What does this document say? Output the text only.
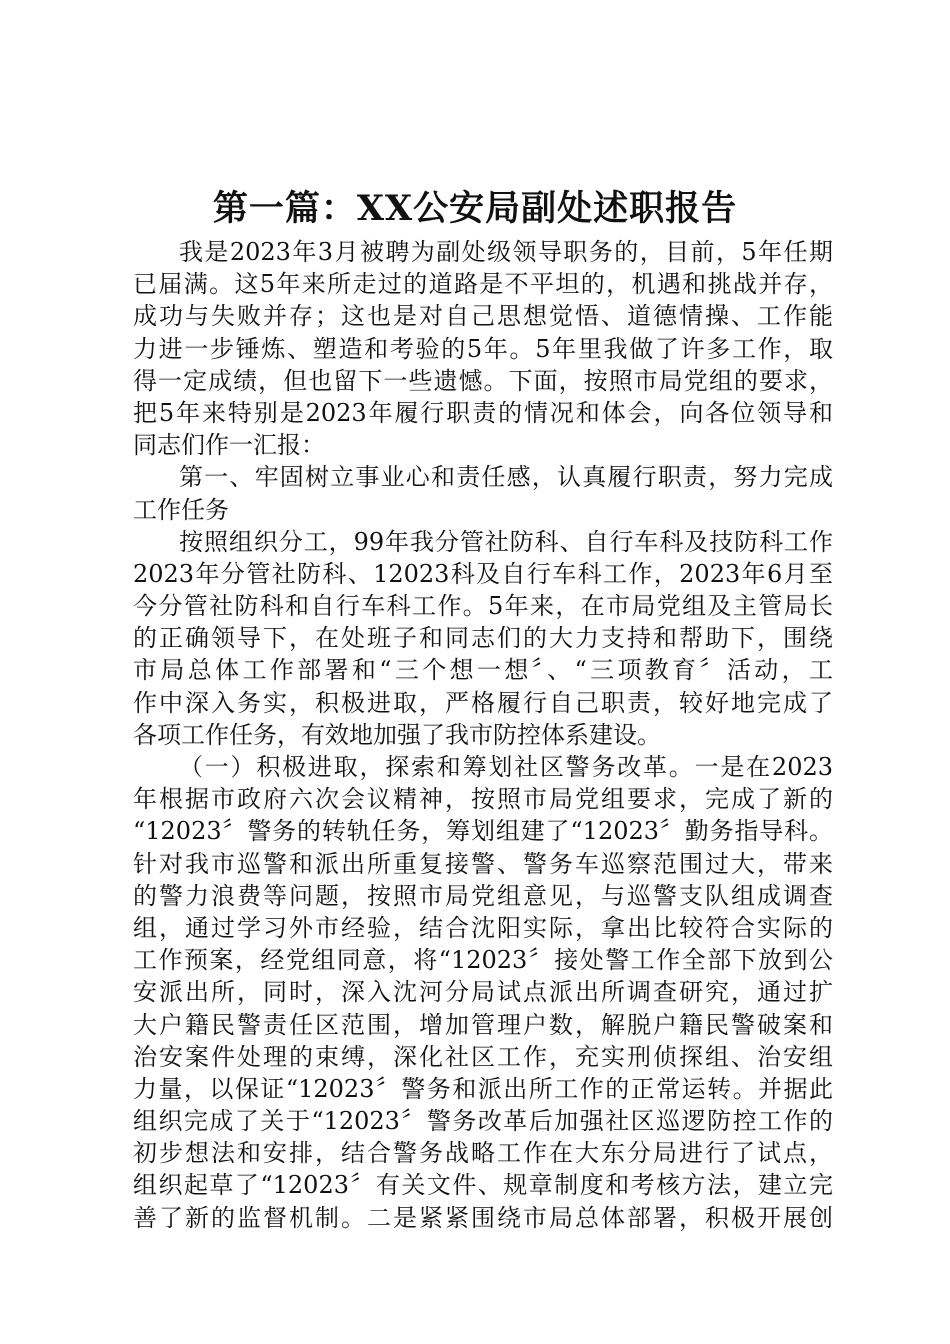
第一篇：XX公安局副处述职报告
我是2023年3月被聘为副处级领导职务的，目前，5年任期
已届满。这5年来所走过的道路是不平坦的，机遇和挑战并存，
成功与失败并存；这也是对自己思想觉悟、道德情操、工作能
力进一步锤炼、塑造和考验的5年。5年里我做了许多工作，取
得一定成绩，但也留下一些遗憾。下面，按照市局党组的要求，
把5年来特别是2023年履行职责的情况和体会，向各位领导和
同志们作一汇报：
第一、牢固树立事业心和责任感，认真履行职责，努力完成
工作任务
按照组织分工，99年我分管社防科、自行车科及技防科工作
2023年分管社防科、12023科及自行车科工作，2023年6月至
今分管社防科和自行车科工作。5年来，在市局党组及主管局长
的正确领导下，在处班子和同志们的大力支持和帮助下，围绕
市局总体工作部署和“三个想一想〞、“三项教育〞活动，工
作中深入务实，积极进取，严格履行自己职责，较好地完成了
各项工作任务，有效地加强了我市防控体系建设。
（一）积极进取，探索和筹划社区警务改革。一是在2023
年根据市政府六次会议精神，按照市局党组要求，完成了新的
“12023〞警务的转轨任务，筹划组建了“12023〞勤务指导科。
针对我市巡警和派出所重复接警、警务车巡察范围过大，带来
的警力浪费等问题，按照市局党组意见，与巡警支队组成调查
组，通过学习外市经验，结合沈阳实际，拿出比较符合实际的
工作预案，经党组同意，将“12023〞接处警工作全部下放到公
安派出所，同时，深入沈河分局试点派出所调查研究，通过扩
大户籍民警责任区范围，增加管理户数，解脱户籍民警破案和
治安案件处理的束缚，深化社区工作，充实刑侦探组、治安组
力量，以保证“12023〞警务和派出所工作的正常运转。并据此
组织完成了关于“12023〞警务改革后加强社区巡逻防控工作的
初步想法和安排，结合警务战略工作在大东分局进行了试点，
组织起草了“12023〞有关文件、规章制度和考核方法，建立完
善了新的监督机制。二是紧紧围绕市局总体部署，积极开展创
